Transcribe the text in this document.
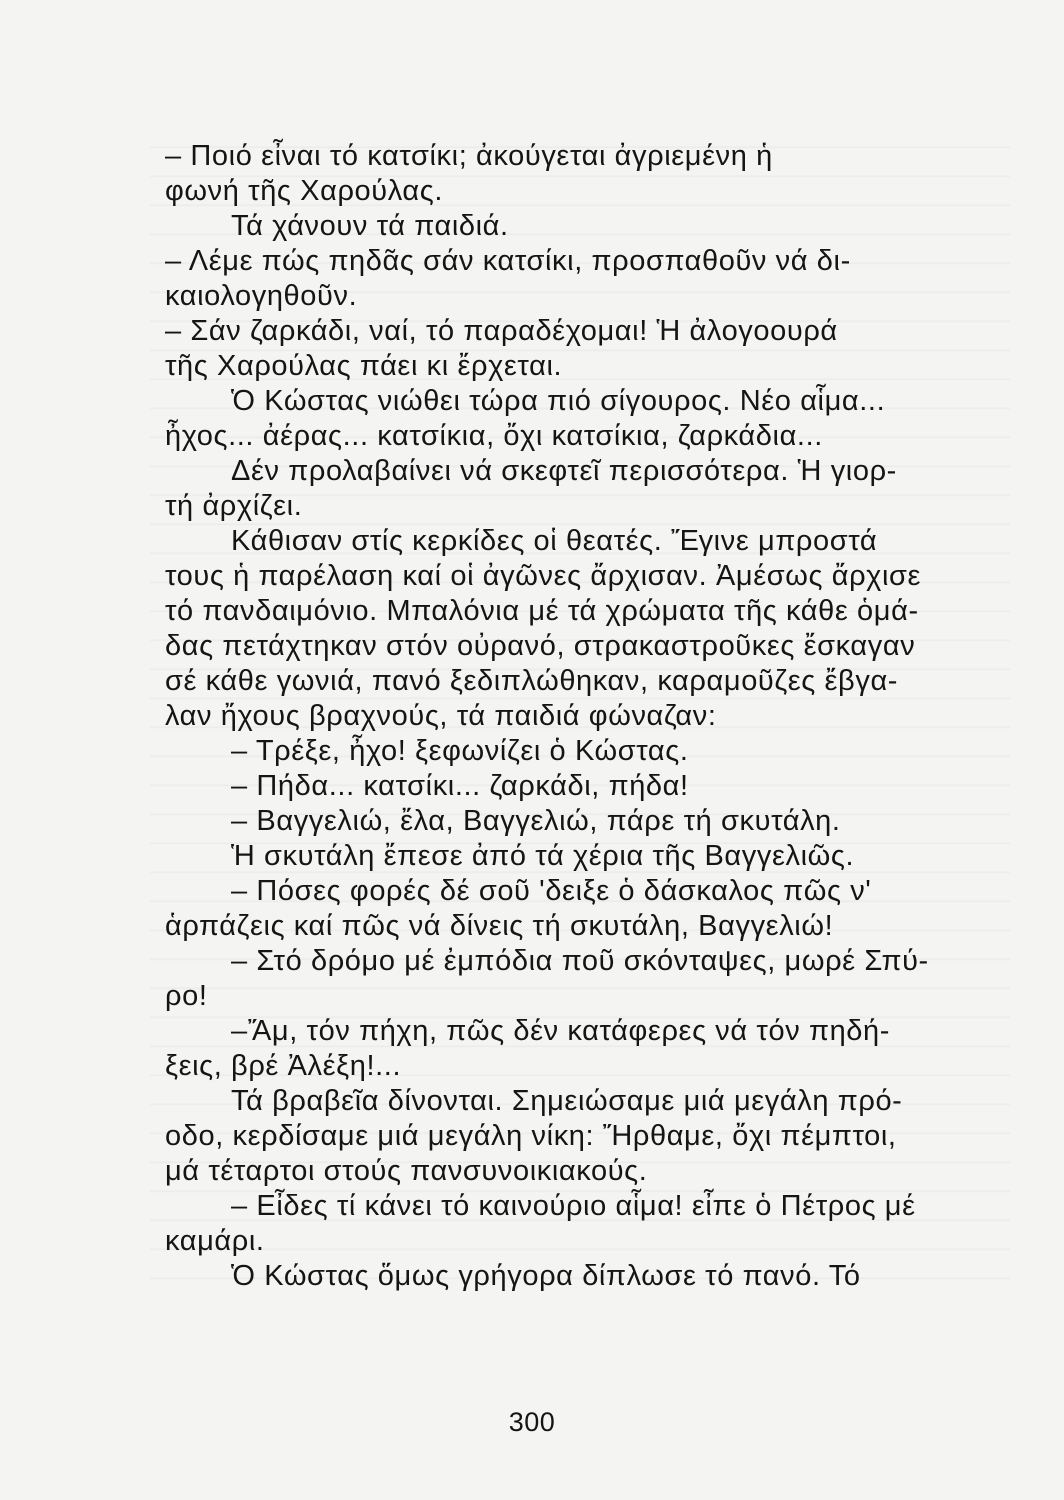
– Ποιό εἶναι τό κατσίκι; ἀκούγεται ἀγριεμένη ἡ
φωνή τῆς Χαρούλας.
Τά χάνουν τά παιδιά.
– Λέμε πώς πηδᾶς σάν κατσίκι, προσπαθοῦν νά δι-
καιολογηθοῦν.
– Σάν ζαρκάδι, ναί, τό παραδέχομαι! Ἡ ἀλογοουρά
τῆς Χαρούλας πάει κι ἔρχεται.
Ὁ Κώστας νιώθει τώρα πιό σίγουρος. Νέο αἷμα...
ἦχος... ἀέρας... κατσίκια, ὄχι κατσίκια, ζαρκάδια...
Δέν προλαβαίνει νά σκεφτεῖ περισσότερα. Ἡ γιορ-
τή ἀρχίζει.
Κάθισαν στίς κερκίδες οἱ θεατές. Ἔγινε μπροστά
τους ἡ παρέλαση καί οἱ ἀγῶνες ἄρχισαν. Ἀμέσως ἄρχισε
τό πανδαιμόνιο. Μπαλόνια μέ τά χρώματα τῆς κάθε ὁμά-
δας πετάχτηκαν στόν οὐρανό, στρακαστροῦκες ἔσκαγαν
σέ κάθε γωνιά, πανό ξεδιπλώθηκαν, καραμοῦζες ἔβγα-
λαν ἤχους βραχνούς, τά παιδιά φώναζαν:
– Τρέξε, ἦχο! ξεφωνίζει ὁ Κώστας.
– Πήδα... κατσίκι... ζαρκάδι, πήδα!
– Βαγγελιώ, ἔλα, Βαγγελιώ, πάρε τή σκυτάλη.
Ἡ σκυτάλη ἔπεσε ἀπό τά χέρια τῆς Βαγγελιῶς.
– Πόσες φορές δέ σοῦ 'δειξε ὁ δάσκαλος πῶς ν'
ἁρπάζεις καί πῶς νά δίνεις τή σκυτάλη, Βαγγελιώ!
– Στό δρόμο μέ ἐμπόδια ποῦ σκόνταψες, μωρέ Σπύ-
ρο!
–Ἄμ, τόν πήχη, πῶς δέν κατάφερες νά τόν πηδή-
ξεις, βρέ Ἀλέξη!...
Τά βραβεῖα δίνονται. Σημειώσαμε μιά μεγάλη πρό-
οδο, κερδίσαμε μιά μεγάλη νίκη: Ἤρθαμε, ὄχι πέμπτοι,
μά τέταρτοι στούς πανσυνοικιακούς.
– Εἶδες τί κάνει τό καινούριο αἷμα! εἶπε ὁ Πέτρος μέ
καμάρι.
Ὁ Κώστας ὅμως γρήγορα δίπλωσε τό πανό. Τό
300
